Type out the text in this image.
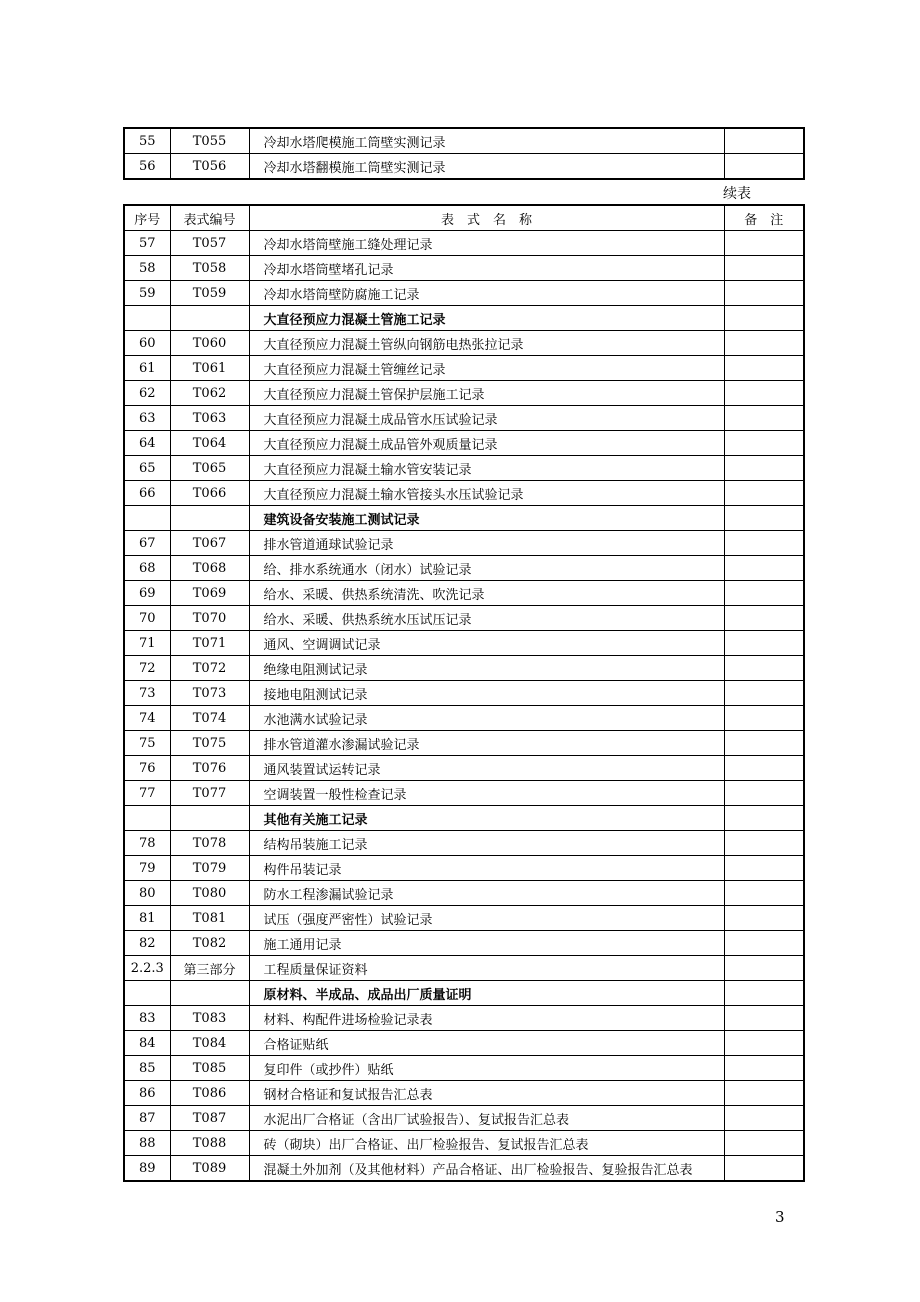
55	T055	冷却水塔爬模施工筒壁实测记录	
56	T056	冷却水塔翻模施工筒壁实测记录	
续表
序号	表式编号	表　式　名　称	备　注
57	T057	冷却水塔筒壁施工缝处理记录	
58	T058	冷却水塔筒壁堵孔记录	
59	T059	冷却水塔筒壁防腐施工记录	
		大直径预应力混凝土管施工记录	
60	T060	大直径预应力混凝土管纵向钢筋电热张拉记录	
61	T061	大直径预应力混凝土管缠丝记录	
62	T062	大直径预应力混凝土管保护层施工记录	
63	T063	大直径预应力混凝土成品管水压试验记录	
64	T064	大直径预应力混凝土成品管外观质量记录	
65	T065	大直径预应力混凝土输水管安装记录	
66	T066	大直径预应力混凝土输水管接头水压试验记录	
		建筑设备安装施工测试记录	
67	T067	排水管道通球试验记录	
68	T068	给、排水系统通水（闭水）试验记录	
69	T069	给水、采暖、供热系统清洗、吹洗记录	
70	T070	给水、采暖、供热系统水压试压记录	
71	T071	通风、空调调试记录	
72	T072	绝缘电阻测试记录	
73	T073	接地电阻测试记录	
74	T074	水池满水试验记录	
75	T075	排水管道灌水渗漏试验记录	
76	T076	通风装置试运转记录	
77	T077	空调装置一般性检查记录	
		其他有关施工记录	
78	T078	结构吊装施工记录	
79	T079	构件吊装记录	
80	T080	防水工程渗漏试验记录	
81	T081	试压（强度严密性）试验记录	
82	T082	施工通用记录	
2.2.3	第三部分	工程质量保证资料	
		原材料、半成品、成品出厂质量证明	
83	T083	材料、构配件进场检验记录表	
84	T084	合格证贴纸	
85	T085	复印件（或抄件）贴纸	
86	T086	钢材合格证和复试报告汇总表	
87	T087	水泥出厂合格证（含出厂试验报告）、复试报告汇总表	
88	T088	砖（砌块）出厂合格证、出厂检验报告、复试报告汇总表	
89	T089	混凝土外加剂（及其他材料）产品合格证、出厂检验报告、复验报告汇总表	
3
